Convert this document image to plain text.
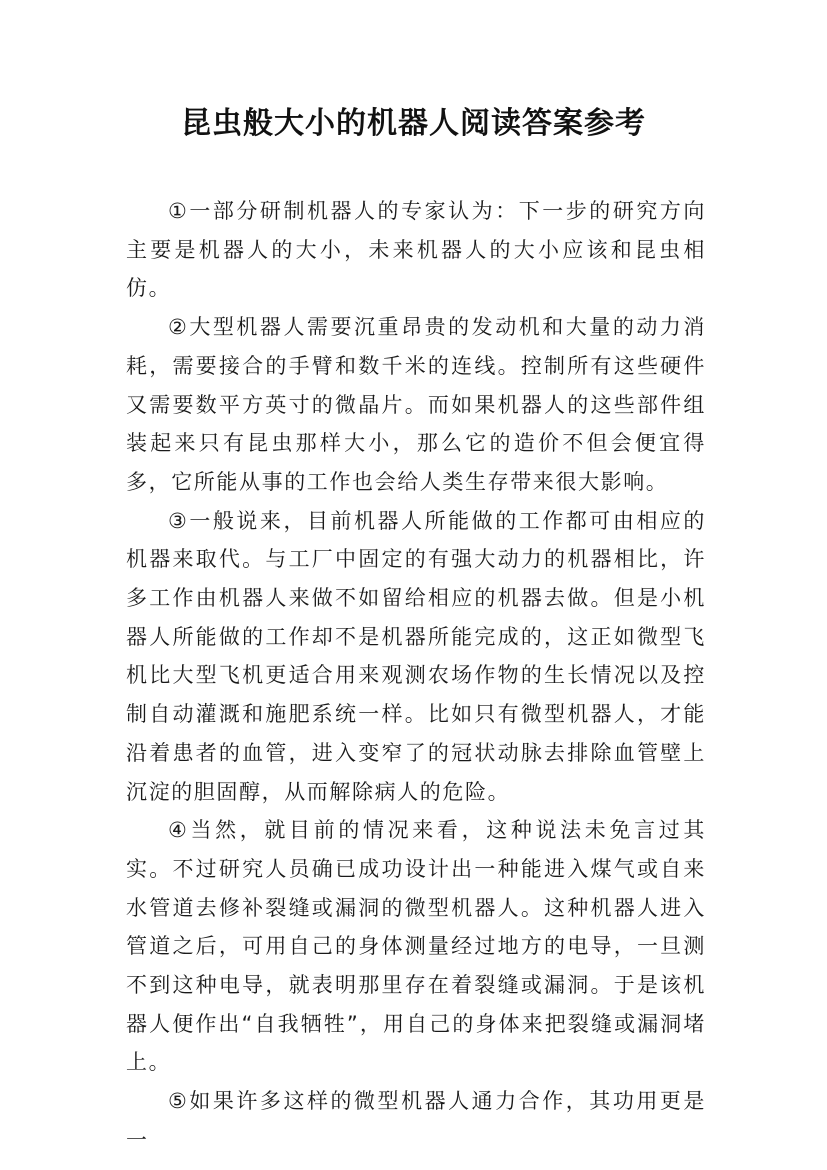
昆虫般大小的机器人阅读答案参考

①一部分研制机器人的专家认为：下一步的研究方向主要是机器人的大小，未来机器人的大小应该和昆虫相仿。

②大型机器人需要沉重昂贵的发动机和大量的动力消耗，需要接合的手臂和数千米的连线。控制所有这些硬件又需要数平方英寸的微晶片。而如果机器人的这些部件组装起来只有昆虫那样大小，那么它的造价不但会便宜得多，它所能从事的工作也会给人类生存带来很大影响。

③一般说来，目前机器人所能做的工作都可由相应的机器来取代。与工厂中固定的有强大动力的机器相比，许多工作由机器人来做不如留给相应的机器去做。但是小机器人所能做的工作却不是机器所能完成的，这正如微型飞机比大型飞机更适合用来观测农场作物的生长情况以及控制自动灌溉和施肥系统一样。比如只有微型机器人，才能沿着患者的血管，进入变窄了的冠状动脉去排除血管壁上沉淀的胆固醇，从而解除病人的危险。

④当然，就目前的情况来看，这种说法未免言过其实。不过研究人员确已成功设计出一种能进入煤气或自来水管道去修补裂缝或漏洞的微型机器人。这种机器人进入管道之后，可用自己的身体测量经过地方的电导，一旦测不到这种电导，就表明那里存在着裂缝或漏洞。于是该机器人便作出“自我牺牲”，用自己的身体来把裂缝或漏洞堵上。

⑤如果许多这样的微型机器人通力合作，其功用更是一
